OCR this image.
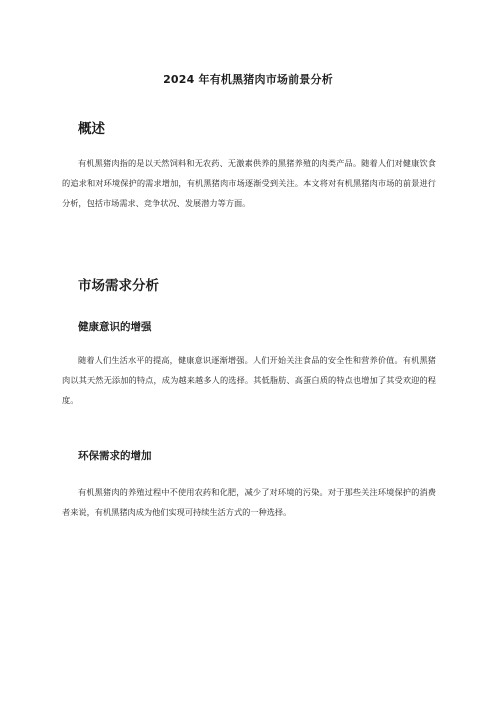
2024 年有机黑猪肉市场前景分析
概述
有机黑猪肉指的是以天然饲料和无农药、无激素供养的黑猪养殖的肉类产品。随着人们对健康饮食的追求和对环境保护的需求增加，有机黑猪肉市场逐渐受到关注。本文将对有机黑猪肉市场的前景进行分析，包括市场需求、竞争状况、发展潜力等方面。
市场需求分析
健康意识的增强
随着人们生活水平的提高，健康意识逐渐增强。人们开始关注食品的安全性和营养价值。有机黑猪肉以其天然无添加的特点，成为越来越多人的选择。其低脂肪、高蛋白质的特点也增加了其受欢迎的程度。
环保需求的增加
有机黑猪肉的养殖过程中不使用农药和化肥，减少了对环境的污染。对于那些关注环境保护的消费者来说，有机黑猪肉成为他们实现可持续生活方式的一种选择。
